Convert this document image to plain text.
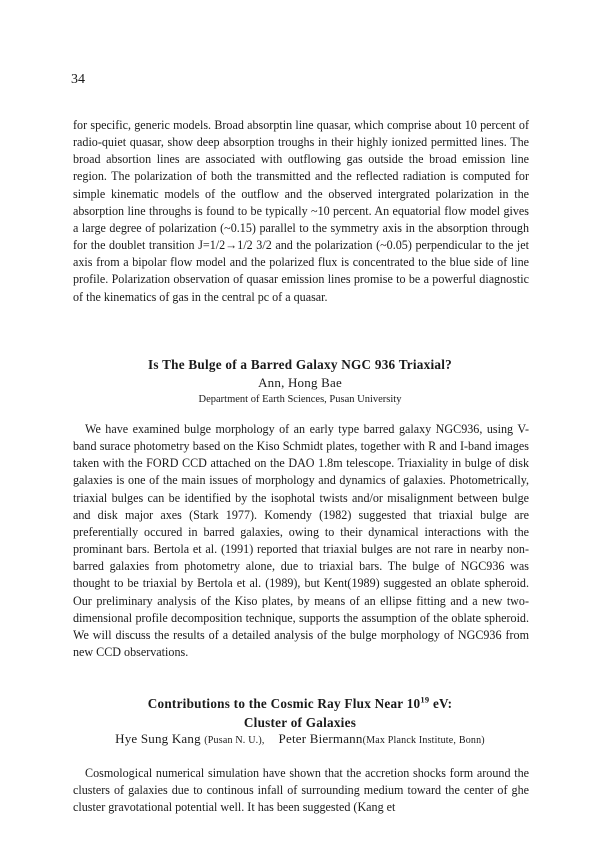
34

for specific, generic models. Broad absorptin line quasar, which comprise about 10 percent of radio-quiet quasar, show deep absorption troughs in their highly ionized permitted lines. The broad absortion lines are associated with outflowing gas outside the broad emission line region. The polarization of both the transmitted and the reflected radiation is computed for simple kinematic models of the outflow and the observed intergrated polarization in the absorption line throughs is found to be typically ~10 percent. An equatorial flow model gives a large degree of polarization (~0.15) parallel to the symmetry axis in the absorption through for the doublet transition J=1/2→1/2 3/2 and the polarization (~0.05) perpendicular to the jet axis from a bipolar flow model and the polarized flux is concentrated to the blue side of line profile. Polarization observation of quasar emission lines promise to be a powerful diagnostic of the kinematics of gas in the central pc of a quasar.

Is The Bulge of a Barred Galaxy NGC 936 Triaxial?
Ann, Hong Bae
Department of Earth Sciences, Pusan University

We have examined bulge morphology of an early type barred galaxy NGC936, using V-band surace photometry based on the Kiso Schmidt plates, together with R and I-band images taken with the FORD CCD attached on the DAO 1.8m telescope. Triaxiality in bulge of disk galaxies is one of the main issues of morphology and dynamics of galaxies. Photometrically, triaxial bulges can be identified by the isophotal twists and/or misalignment between bulge and disk major axes (Stark 1977). Komendy (1982) suggested that triaxial bulge are preferentially occured in barred galaxies, owing to their dynamical interactions with the prominant bars. Bertola et al. (1991) reported that triaxial bulges are not rare in nearby non-barred galaxies from photometry alone, due to triaxial bars. The bulge of NGC936 was thought to be triaxial by Bertola et al. (1989), but Kent(1989) suggested an oblate spheroid. Our preliminary analysis of the Kiso plates, by means of an ellipse fitting and a new two-dimensional profile decomposition technique, supports the assumption of the oblate spheroid. We will discuss the results of a detailed analysis of the bulge morphology of NGC936 from new CCD observations.

Contributions to the Cosmic Ray Flux Near $10^{19}$ eV:
Cluster of Galaxies
Hye Sung Kang (Pusan N. U.), Peter Biermann(Max Planck Institute, Bonn)

Cosmological numerical simulation have shown that the accretion shocks form around the clusters of galaxies due to continous infall of surrounding medium toward the center of ghe cluster gravotational potential well. It has been suggested (Kang et
